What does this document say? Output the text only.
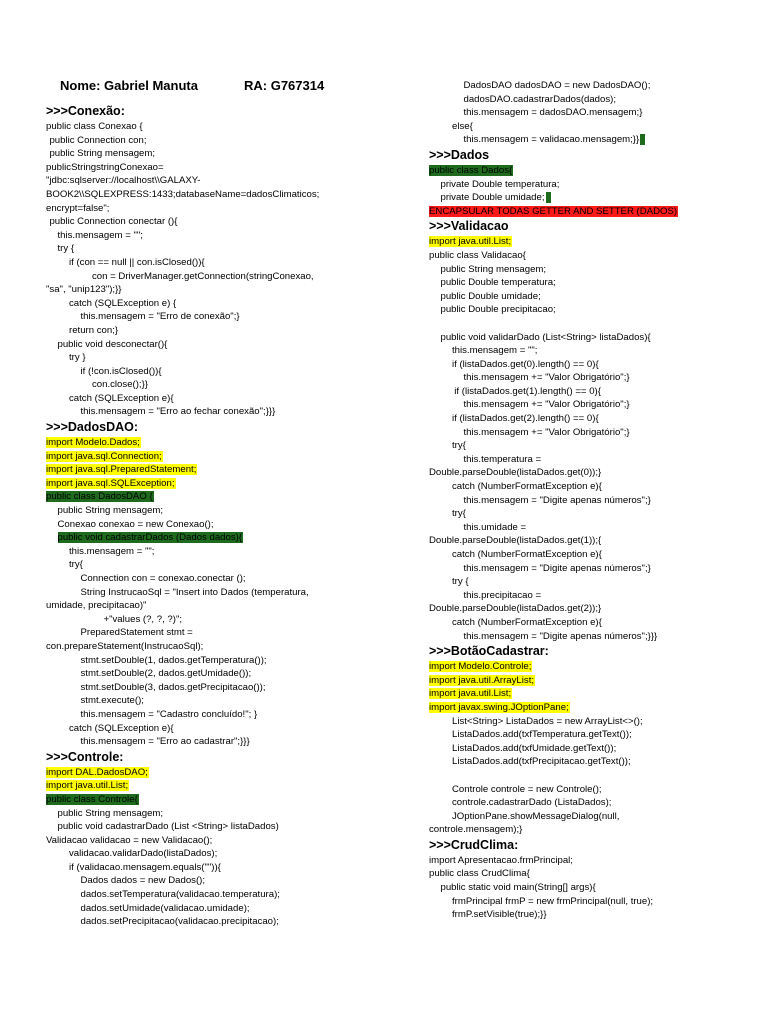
Nome: Gabriel Manuta	RA: G767314
>>>Conexão:
public class Conexao {
public Connection con;
public String mensagem;
publicStringstringConexao=
"jdbc:sqlserver://localhost\\GALAXY-
BOOK2\\SQLEXPRESS:1433;databaseName=dadosClimaticos;
encrypt=false";
public Connection conectar (){
this.mensagem = "";
try {
if (con == null || con.isClosed()){
con = DriverManager.getConnection(stringConexao,
"sa", "unip123");}}
catch (SQLException e) {
this.mensagem = "Erro de conexão";}
return con;}
public void desconectar(){
try }
if (!con.isClosed()){
con.close();}}
catch (SQLException e){
this.mensagem = "Erro ao fechar conexão";}}}
>>>DadosDAO:
import Modelo.Dados;
import java.sql.Connection;
import java.sql.PreparedStatement;
import java.sql.SQLException;
public class DadosDAO {
public String mensagem;
Conexao conexao = new Conexao();
public void cadastrarDados (Dados dados){
this.mensagem = "";
try{
Connection con = conexao.conectar ();
String InstrucaoSql = "Insert into Dados (temperatura,
umidade, precipitacao)"
+"values (?, ?, ?)";
PreparedStatement stmt =
con.prepareStatement(InstrucaoSql);
stmt.setDouble(1, dados.getTemperatura());
stmt.setDouble(2, dados.getUmidade());
stmt.setDouble(3, dados.getPrecipitacao());
stmt.execute();
this.mensagem = "Cadastro concluído!"; }
catch (SQLException e){
this.mensagem = "Erro ao cadastrar";}}}
>>>Controle:
import DAL.DadosDAO;
import java.util.List;
public class Controle{
public String mensagem;
public void cadastrarDado (List <String> listaDados)
Validacao validacao = new Validacao();
validacao.validarDado(listaDados);
if (validacao.mensagem.equals("")){
Dados dados = new Dados();
dados.setTemperatura(validacao.temperatura);
dados.setUmidade(validacao.umidade);
dados.setPrecipitacao(validacao.precipitacao);
DadosDAO dadosDAO = new DadosDAO();
dadosDAO.cadastrarDados(dados);
this.mensagem = dadosDAO.mensagem;}
else{
this.mensagem = validacao.mensagem;}}
>>>Dados
public class Dados{
private Double temperatura;
private Double umidade;
ENCAPSULAR TODAS GETTER AND SETTER (DADOS)
>>>Validacao
import java.util.List;
public class Validacao{
public String mensagem;
public Double temperatura;
public Double umidade;
public Double precipitacao;
public void validarDado (List<String> listaDados){
this.mensagem = "";
if (listaDados.get(0).length() == 0){
this.mensagem += "Valor Obrigatório";}
if (listaDados.get(1).length() == 0){
this.mensagem += "Valor Obrigatório";}
if (listaDados.get(2).length() == 0){
this.mensagem += "Valor Obrigatório";}
try{
this.temperatura =
Double.parseDouble(listaDados.get(0));}
catch (NumberFormatException e){
this.mensagem = "Digite apenas números";}
try{
this.umidade =
Double.parseDouble(listaDados.get(1));{
catch (NumberFormatException e){
this.mensagem = "Digite apenas números";}
try {
this.precipitacao =
Double.parseDouble(listaDados.get(2));}
catch (NumberFormatException e){
this.mensagem = "Digite apenas números";}}}
>>>BotãoCadastrar:
import Modelo.Controle;
import java.util.ArrayList;
import java.util.List;
import javax.swing.JOptionPane;
List<String> ListaDados = new ArrayList<>();
ListaDados.add(txfTemperatura.getText());
ListaDados.add(txfUmidade.getText());
ListaDados.add(txfPrecipitacao.getText());
Controle controle = new Controle();
controle.cadastrarDado (ListaDados);
JOptionPane.showMessageDialog(null,
controle.mensagem);}
>>>CrudClima:
import Apresentacao.frmPrincipal;
public class CrudClima{
public static void main(String[] args){
frmPrincipal frmP = new frmPrincipal(null, true);
frmP.setVisible(true);}}
